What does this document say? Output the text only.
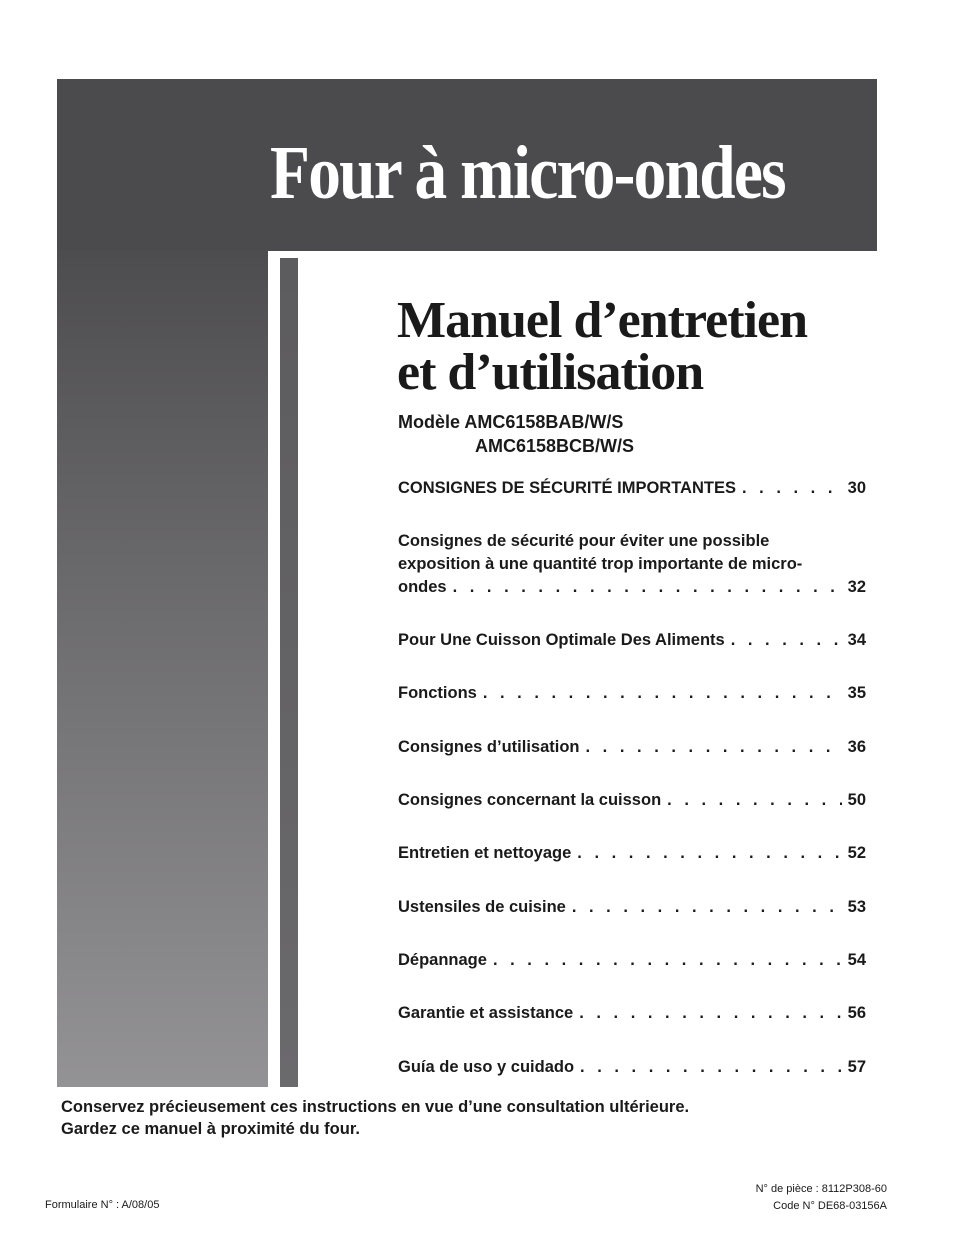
Four à micro-ondes
Manuel d’entretien
et d’utilisation
Modèle AMC6158BAB/W/S
AMC6158BCB/W/S
CONSIGNES DE SÉCURITÉ IMPORTANTES . . .	30
Consignes de sécurité pour éviter une possible
exposition à une quantité trop importante de micro-
ondes . . .	32
Pour Une Cuisson Optimale Des Aliments . . .	34
Fonctions . . .	35
Consignes d’utilisation . . .	36
Consignes concernant la cuisson . . .	50
Entretien et nettoyage . . .	52
Ustensiles de cuisine . . .	53
Dépannage . . .	54
Garantie et assistance . . .	56
Guía de uso y cuidado . . .	57
Conservez précieusement ces instructions en vue d’une consultation ultérieure.
Gardez ce manuel à proximité du four.
Formulaire N° : A/08/05
N° de pièce : 8112P308-60
Code N° DE68-03156A
